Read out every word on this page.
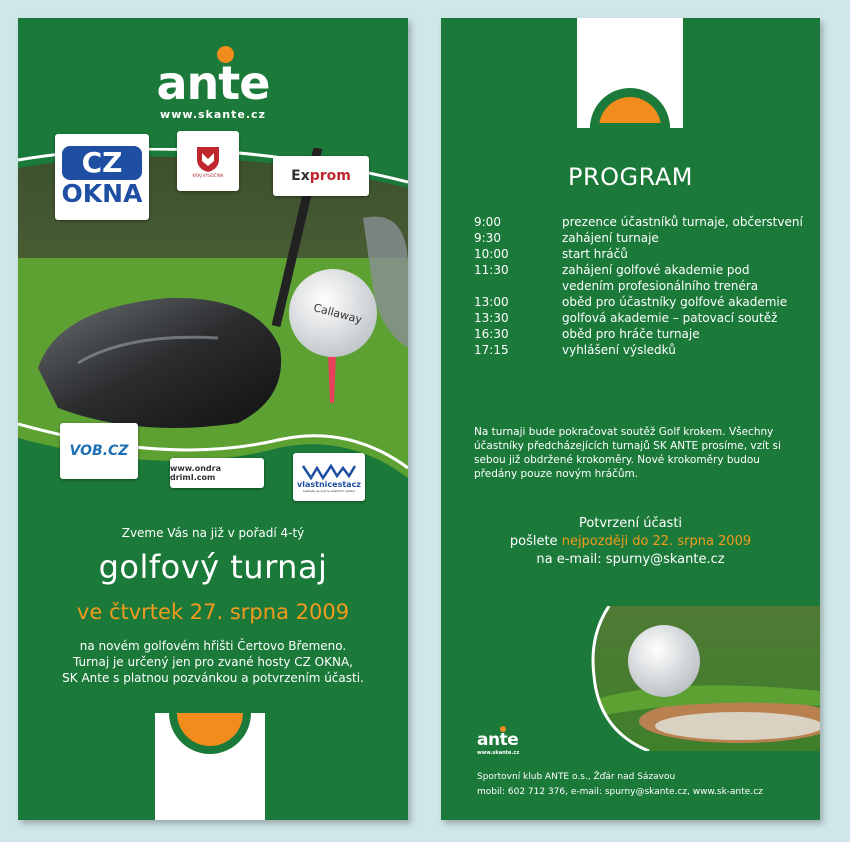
ante
www.skante.cz
Callaway
CZ
OKNA
KRAJ VYSOČINA	Exprom
VOB.CZ
www.ondra drimI.com
vlastnicestacz
Cestujte se svými vlastními výlety!
Zveme Vás na již v pořadí 4-tý
golfový turnaj
ve čtvrtek 27. srpna 2009
na novém golfovém hřišti Čertovo Břemeno.
Turnaj je určený jen pro zvané hosty CZ OKNA,
SK Ante s platnou pozvánkou a potvrzením účasti.
PROGRAM
9:00	prezence účastníků turnaje, občerstvení
9:30	zahájení turnaje
10:00	start hráčů
11:30	zahájení golfové akademie pod vedením profesionálního trenéra
13:00	oběd pro účastníky golfové akademie
13:30	golfová akademie – patovací soutěž
16:30	oběd pro hráče turnaje
17:15	vyhlášení výsledků
Na turnaji bude pokračovat soutěž Golf krokem. Všechny účastníky předcházejících turnajů SK ANTE prosíme, vzít si sebou již obdržené krokoměry. Nové krokoměry budou předány pouze novým hráčům.
Potvrzení účasti
pošlete nejpozději do 22. srpna 2009
na e-mail: spurny@skante.cz
ante
www.skante.cz
Sportovní klub ANTE o.s., Žďár nad Sázavou
mobil: 602 712 376, e-mail: spurny@skante.cz, www.sk-ante.cz
